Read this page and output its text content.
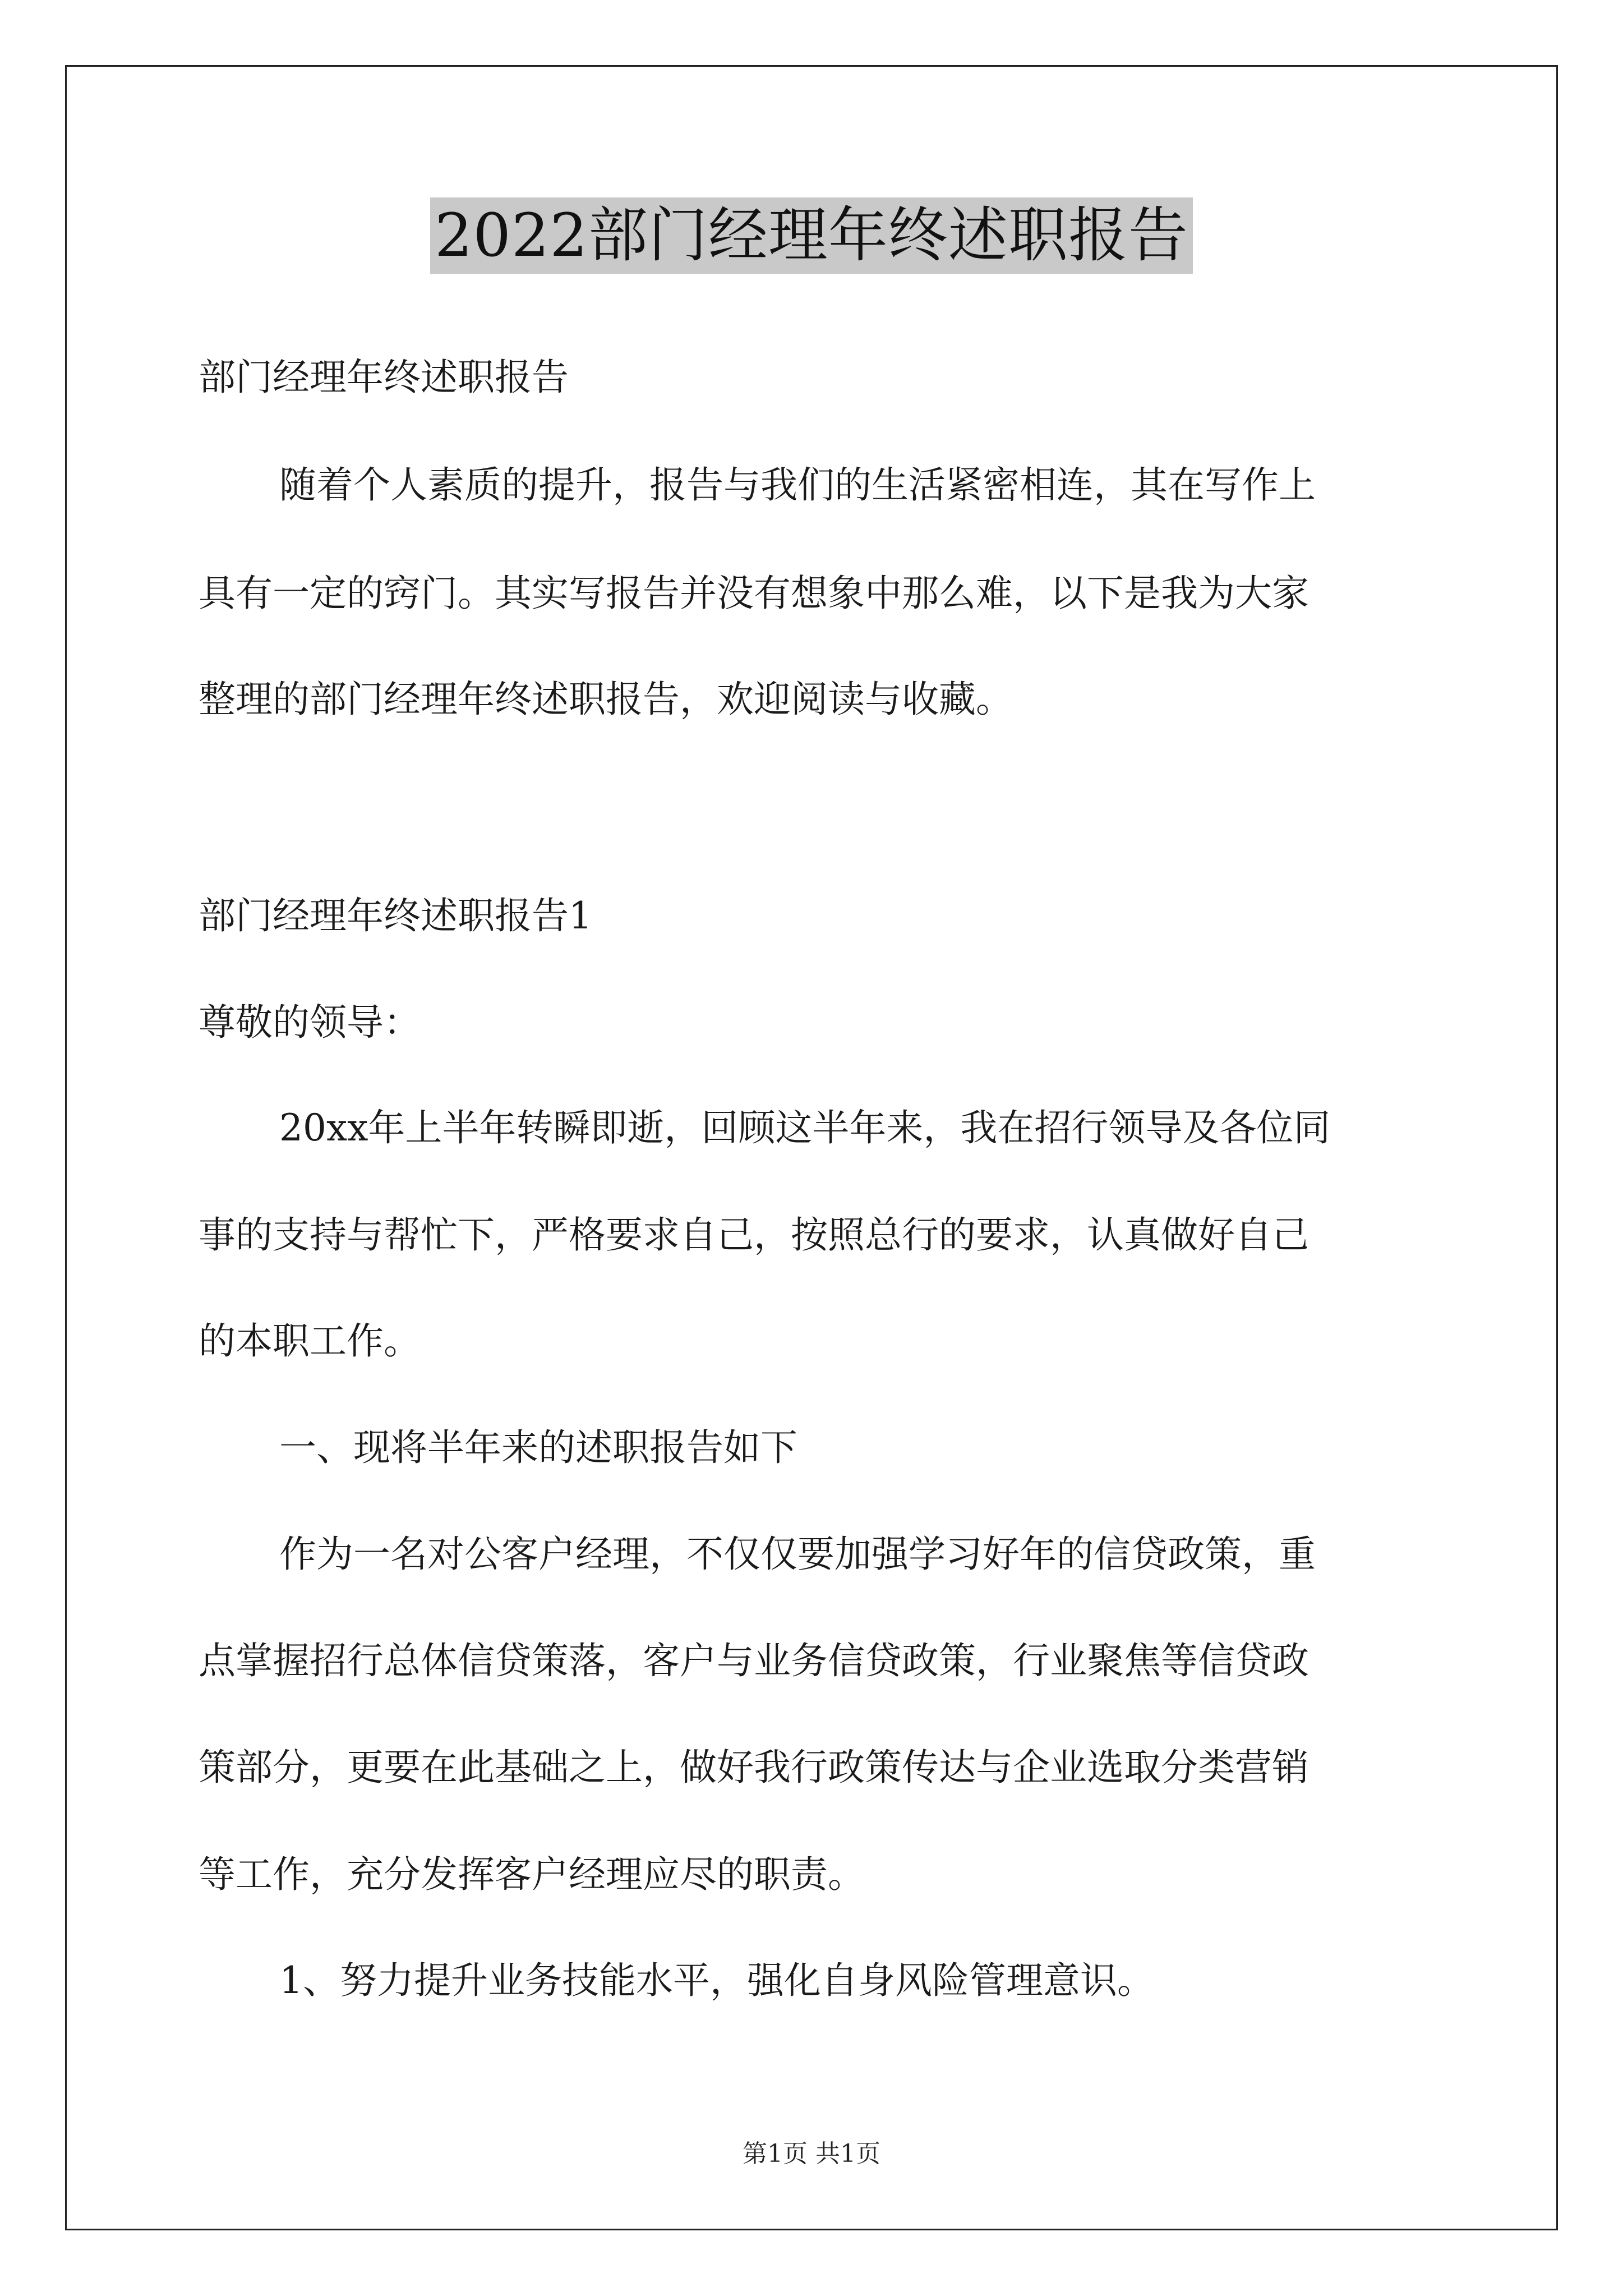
2022部门经理年终述职报告
部门经理年终述职报告
随着个人素质的提升，报告与我们的生活紧密相连，其在写作上
具有一定的窍门。其实写报告并没有想象中那么难，以下是我为大家
整理的部门经理年终述职报告，欢迎阅读与收藏。
部门经理年终述职报告1
尊敬的领导：
20xx年上半年转瞬即逝，回顾这半年来，我在招行领导及各位同
事的支持与帮忙下，严格要求自己，按照总行的要求，认真做好自己
的本职工作。
一、现将半年来的述职报告如下
作为一名对公客户经理，不仅仅要加强学习好年的信贷政策，重
点掌握招行总体信贷策落，客户与业务信贷政策，行业聚焦等信贷政
策部分，更要在此基础之上，做好我行政策传达与企业选取分类营销
等工作，充分发挥客户经理应尽的职责。
1、努力提升业务技能水平，强化自身风险管理意识。
第1页 共1页
